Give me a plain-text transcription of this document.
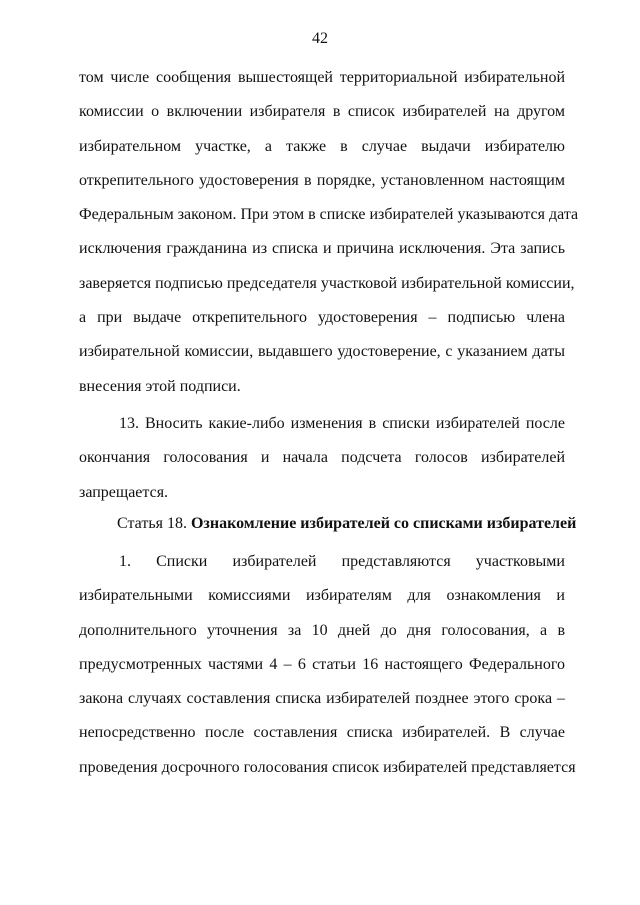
42
том числе сообщения вышестоящей территориальной избирательной
комиссии о включении избирателя в список избирателей на другом
избирательном участке, а также в случае выдачи избирателю
открепительного удостоверения в порядке, установленном настоящим
Федеральным законом. При этом в списке избирателей указываются дата
исключения гражданина из списка и причина исключения. Эта запись
заверяется подписью председателя участковой избирательной комиссии,
а при выдаче открепительного удостоверения – подписью члена
избирательной комиссии, выдавшего удостоверение, с указанием даты
внесения этой подписи.
13. Вносить какие-либо изменения в списки избирателей после
окончания голосования и начала подсчета голосов избирателей
запрещается.
Статья 18. Ознакомление избирателей со списками избирателей
1. Списки избирателей представляются участковыми
избирательными комиссиями избирателям для ознакомления и
дополнительного уточнения за 10 дней до дня голосования, а в
предусмотренных частями 4 – 6 статьи 16 настоящего Федерального
закона случаях составления списка избирателей позднее этого срока –
непосредственно после составления списка избирателей. В случае
проведения досрочного голосования список избирателей представляется
